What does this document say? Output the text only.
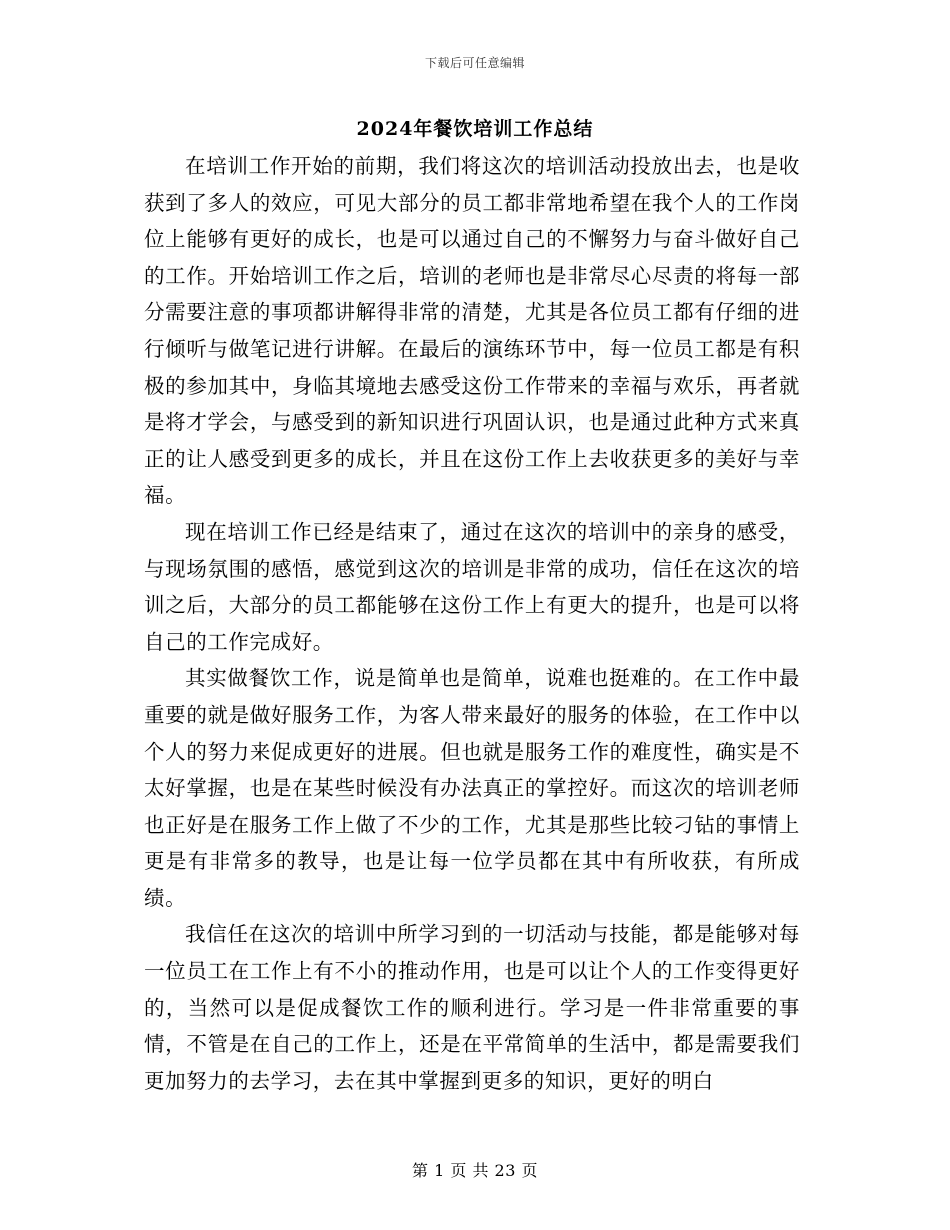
下载后可任意编辑
2024年餐饮培训工作总结

在培训工作开始的前期，我们将这次的培训活动投放出去，也是收获到了多人的效应，可见大部分的员工都非常地希望在我个人的工作岗位上能够有更好的成长，也是可以通过自己的不懈努力与奋斗做好自己的工作。开始培训工作之后，培训的老师也是非常尽心尽责的将每一部分需要注意的事项都讲解得非常的清楚，尤其是各位员工都有仔细的进行倾听与做笔记进行讲解。在最后的演练环节中，每一位员工都是有积极的参加其中，身临其境地去感受这份工作带来的幸福与欢乐，再者就是将才学会，与感受到的新知识进行巩固认识，也是通过此种方式来真正的让人感受到更多的成长，并且在这份工作上去收获更多的美好与幸福。

现在培训工作已经是结束了，通过在这次的培训中的亲身的感受，与现场氛围的感悟，感觉到这次的培训是非常的成功，信任在这次的培训之后，大部分的员工都能够在这份工作上有更大的提升，也是可以将自己的工作完成好。

其实做餐饮工作，说是简单也是简单，说难也挺难的。在工作中最重要的就是做好服务工作，为客人带来最好的服务的体验，在工作中以个人的努力来促成更好的进展。但也就是服务工作的难度性，确实是不太好掌握，也是在某些时候没有办法真正的掌控好。而这次的培训老师也正好是在服务工作上做了不少的工作，尤其是那些比较刁钻的事情上更是有非常多的教导，也是让每一位学员都在其中有所收获，有所成绩。

我信任在这次的培训中所学习到的一切活动与技能，都是能够对每一位员工在工作上有不小的推动作用，也是可以让个人的工作变得更好的，当然可以是促成餐饮工作的顺利进行。学习是一件非常重要的事情，不管是在自己的工作上，还是在平常简单的生活中，都是需要我们更加努力的去学习，去在其中掌握到更多的知识，更好的明白

第 1 页 共 23 页
